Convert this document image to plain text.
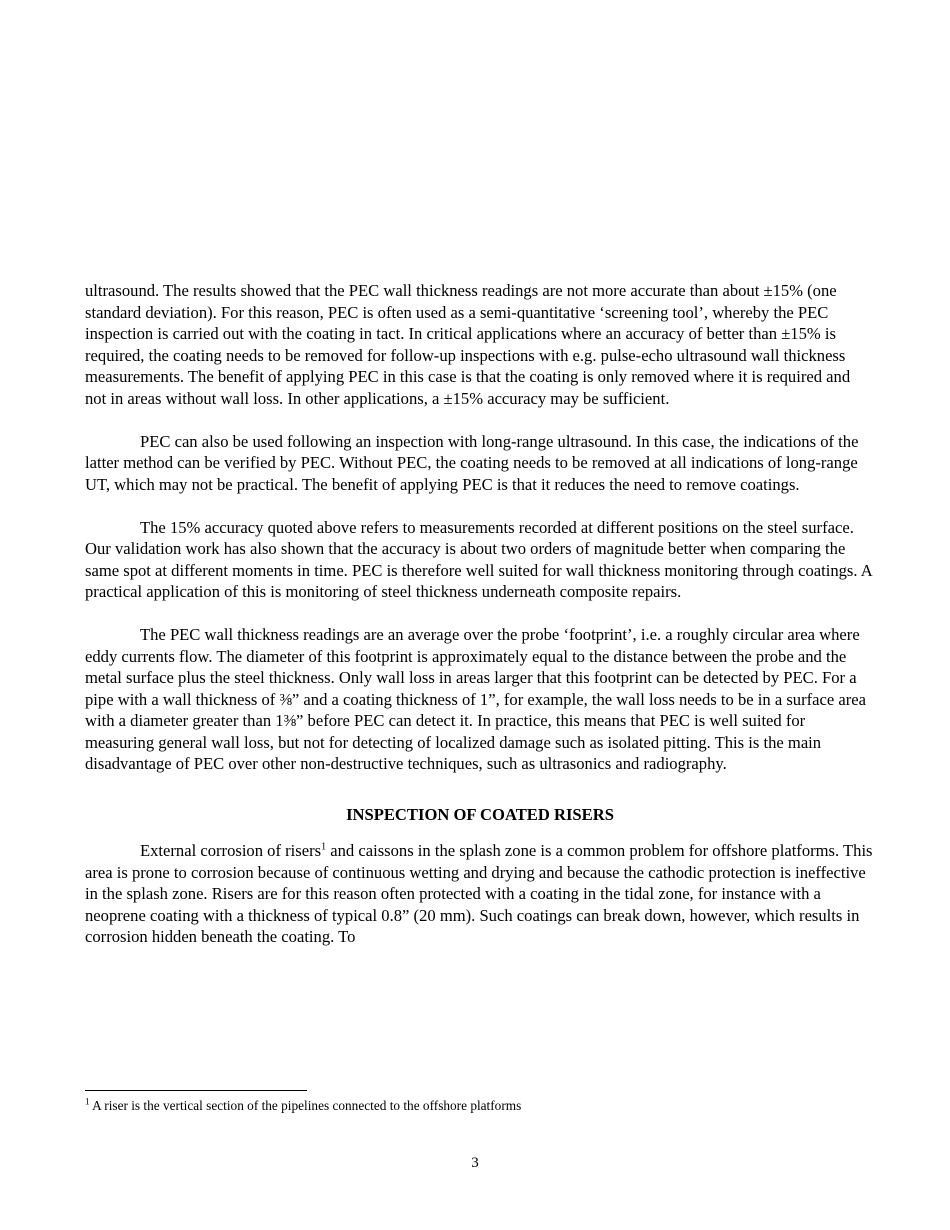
ultrasound. The results showed that the PEC wall thickness readings are not more accurate than about ±15% (one standard deviation). For this reason, PEC is often used as a semi-quantitative ‘screening tool’, whereby the PEC inspection is carried out with the coating in tact. In critical applications where an accuracy of better than ±15% is required, the coating needs to be removed for follow-up inspections with e.g. pulse-echo ultrasound wall thickness measurements. The benefit of applying PEC in this case is that the coating is only removed where it is required and not in areas without wall loss. In other applications, a ±15% accuracy may be sufficient.

PEC can also be used following an inspection with long-range ultrasound. In this case, the indications of the latter method can be verified by PEC. Without PEC, the coating needs to be removed at all indications of long-range UT, which may not be practical. The benefit of applying PEC is that it reduces the need to remove coatings.

The 15% accuracy quoted above refers to measurements recorded at different positions on the steel surface. Our validation work has also shown that the accuracy is about two orders of magnitude better when comparing the same spot at different moments in time. PEC is therefore well suited for wall thickness monitoring through coatings. A practical application of this is monitoring of steel thickness underneath composite repairs.

The PEC wall thickness readings are an average over the probe ‘footprint’, i.e. a roughly circular area where eddy currents flow. The diameter of this footprint is approximately equal to the distance between the probe and the metal surface plus the steel thickness. Only wall loss in areas larger that this footprint can be detected by PEC. For a pipe with a wall thickness of ⅜” and a coating thickness of 1”, for example, the wall loss needs to be in a surface area with a diameter greater than 1⅜” before PEC can detect it. In practice, this means that PEC is well suited for measuring general wall loss, but not for detecting of localized damage such as isolated pitting. This is the main disadvantage of PEC over other non-destructive techniques, such as ultrasonics and radiography.

INSPECTION OF COATED RISERS

External corrosion of risers$^1$ and caissons in the splash zone is a common problem for offshore platforms. This area is prone to corrosion because of continuous wetting and drying and because the cathodic protection is ineffective in the splash zone. Risers are for this reason often protected with a coating in the tidal zone, for instance with a neoprene coating with a thickness of typical 0.8” (20 mm). Such coatings can break down, however, which results in corrosion hidden beneath the coating. To

$^1$ A riser is the vertical section of the pipelines connected to the offshore platforms
3
